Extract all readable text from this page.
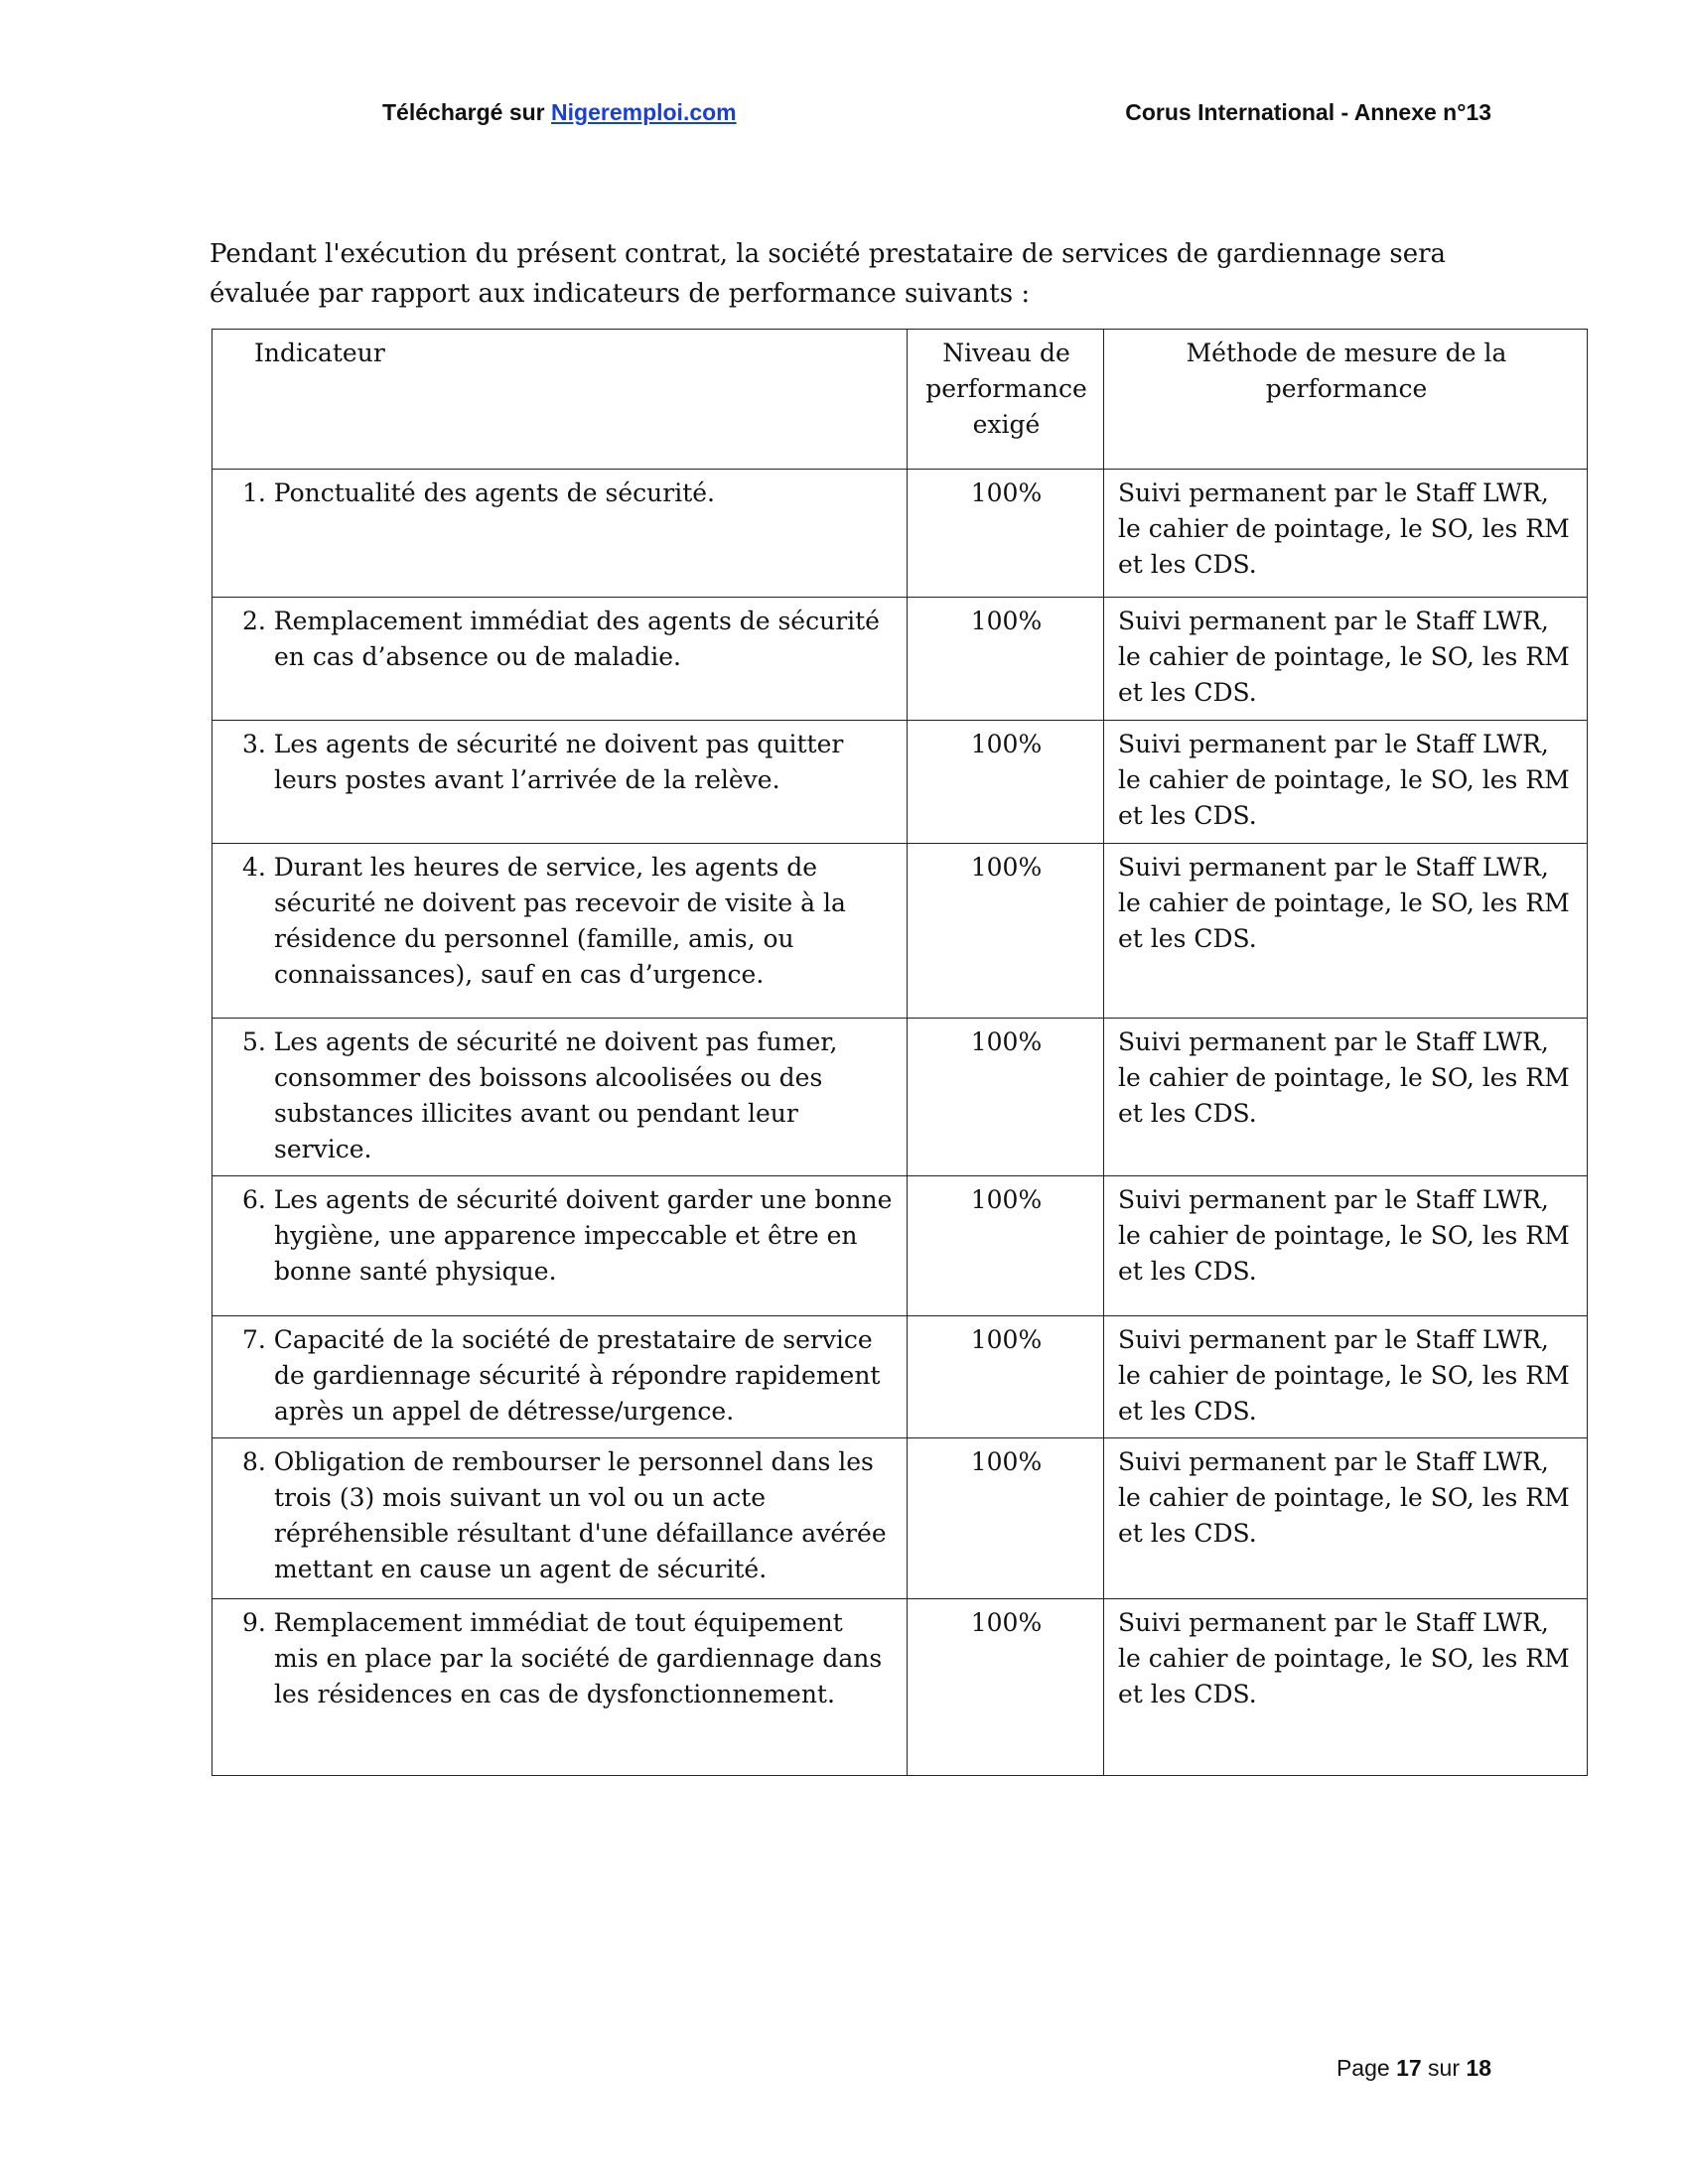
Téléchargé sur Nigeremploi.com	Corus International - Annexe n°13

Pendant l'exécution du présent contrat, la société prestataire de services de gardiennage sera évaluée par rapport aux indicateurs de performance suivants :

Indicateur	Niveau de performance exigé	Méthode de mesure de la performance

1. Ponctualité des agents de sécurité.	100%	Suivi permanent par le Staff LWR, le cahier de pointage, le SO, les RM et les CDS.

2. Remplacement immédiat des agents de sécurité en cas d’absence ou de maladie.	100%	Suivi permanent par le Staff LWR, le cahier de pointage, le SO, les RM et les CDS.

3. Les agents de sécurité ne doivent pas quitter leurs postes avant l’arrivée de la relève.	100%	Suivi permanent par le Staff LWR, le cahier de pointage, le SO, les RM et les CDS.

4. Durant les heures de service, les agents de sécurité ne doivent pas recevoir de visite à la résidence du personnel (famille, amis, ou connaissances), sauf en cas d’urgence.	100%	Suivi permanent par le Staff LWR, le cahier de pointage, le SO, les RM et les CDS.

5. Les agents de sécurité ne doivent pas fumer, consommer des boissons alcoolisées ou des substances illicites avant ou pendant leur service.	100%	Suivi permanent par le Staff LWR, le cahier de pointage, le SO, les RM et les CDS.

6. Les agents de sécurité doivent garder une bonne hygiène, une apparence impeccable et être en bonne santé physique.	100%	Suivi permanent par le Staff LWR, le cahier de pointage, le SO, les RM et les CDS.

7. Capacité de la société de prestataire de service de gardiennage sécurité à répondre rapidement après un appel de détresse/urgence.	100%	Suivi permanent par le Staff LWR, le cahier de pointage, le SO, les RM et les CDS.

8. Obligation de rembourser le personnel dans les trois (3) mois suivant un vol ou un acte répréhensible résultant d'une défaillance avérée mettant en cause un agent de sécurité.	100%	Suivi permanent par le Staff LWR, le cahier de pointage, le SO, les RM et les CDS.

9. Remplacement immédiat de tout équipement mis en place par la société de gardiennage dans les résidences en cas de dysfonctionnement.	100%	Suivi permanent par le Staff LWR, le cahier de pointage, le SO, les RM et les CDS.
Page 17 sur 18
